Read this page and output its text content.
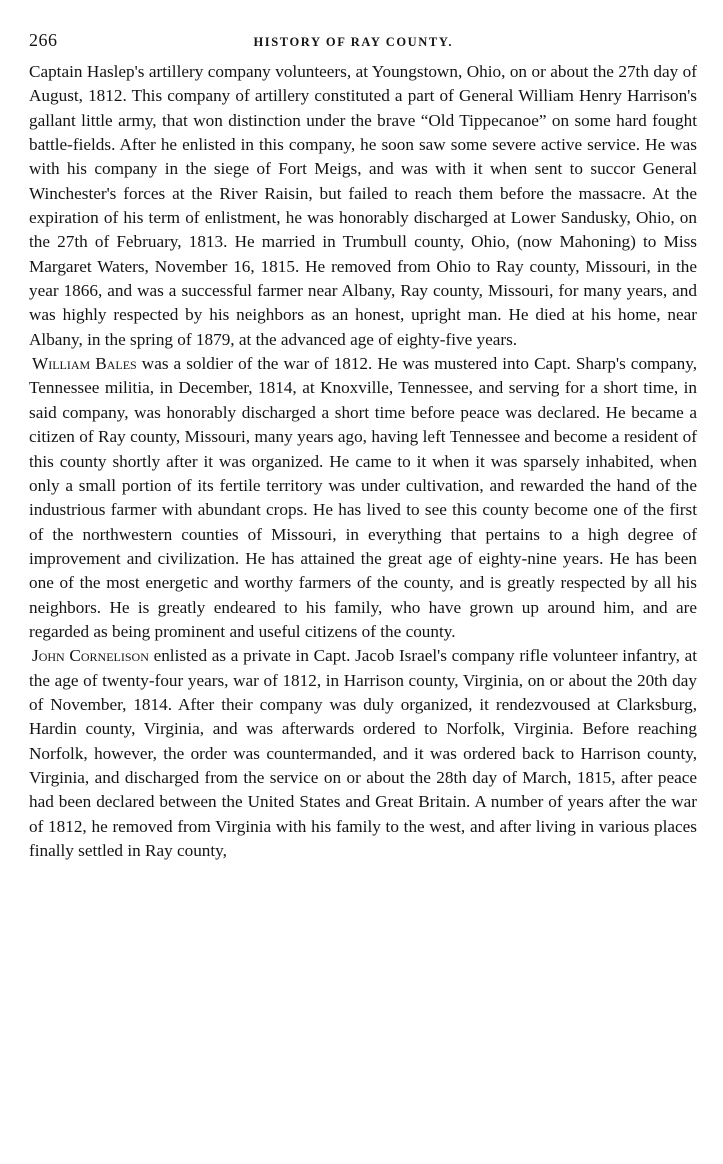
266	HISTORY OF RAY COUNTY.

Captain Haslep's artillery company volunteers, at Youngstown, Ohio, on or about the 27th day of August, 1812. This company of artillery constituted a part of General William Henry Harrison's gallant little army, that won distinction under the brave “Old Tippecanoe” on some hard fought battle-fields. After he enlisted in this company, he soon saw some severe active service. He was with his company in the siege of Fort Meigs, and was with it when sent to succor General Winchester's forces at the River Raisin, but failed to reach them before the massacre. At the expiration of his term of enlistment, he was honorably discharged at Lower Sandusky, Ohio, on the 27th of February, 1813. He married in Trumbull county, Ohio, (now Mahoning) to Miss Margaret Waters, November 16, 1815. He removed from Ohio to Ray county, Missouri, in the year 1866, and was a successful farmer near Albany, Ray county, Missouri, for many years, and was highly respected by his neighbors as an honest, upright man. He died at his home, near Albany, in the spring of 1879, at the advanced age of eighty-five years.

William Bales was a soldier of the war of 1812. He was mustered into Capt. Sharp's company, Tennessee militia, in December, 1814, at Knoxville, Tennessee, and serving for a short time, in said company, was honorably discharged a short time before peace was declared. He became a citizen of Ray county, Missouri, many years ago, having left Tennessee and become a resident of this county shortly after it was organized. He came to it when it was sparsely inhabited, when only a small portion of its fertile territory was under cultivation, and rewarded the hand of the industrious farmer with abundant crops. He has lived to see this county become one of the first of the northwestern counties of Missouri, in everything that pertains to a high degree of improvement and civilization. He has attained the great age of eighty-nine years. He has been one of the most energetic and worthy farmers of the county, and is greatly respected by all his neighbors. He is greatly endeared to his family, who have grown up around him, and are regarded as being prominent and useful citizens of the county.

John Cornelison enlisted as a private in Capt. Jacob Israel's company rifle volunteer infantry, at the age of twenty-four years, war of 1812, in Harrison county, Virginia, on or about the 20th day of November, 1814. After their company was duly organized, it rendezvoused at Clarksburg, Hardin county, Virginia, and was afterwards ordered to Norfolk, Virginia. Before reaching Norfolk, however, the order was countermanded, and it was ordered back to Harrison county, Virginia, and discharged from the service on or about the 28th day of March, 1815, after peace had been declared between the United States and Great Britain. A number of years after the war of 1812, he removed from Virginia with his family to the west, and after living in various places finally settled in Ray county,
